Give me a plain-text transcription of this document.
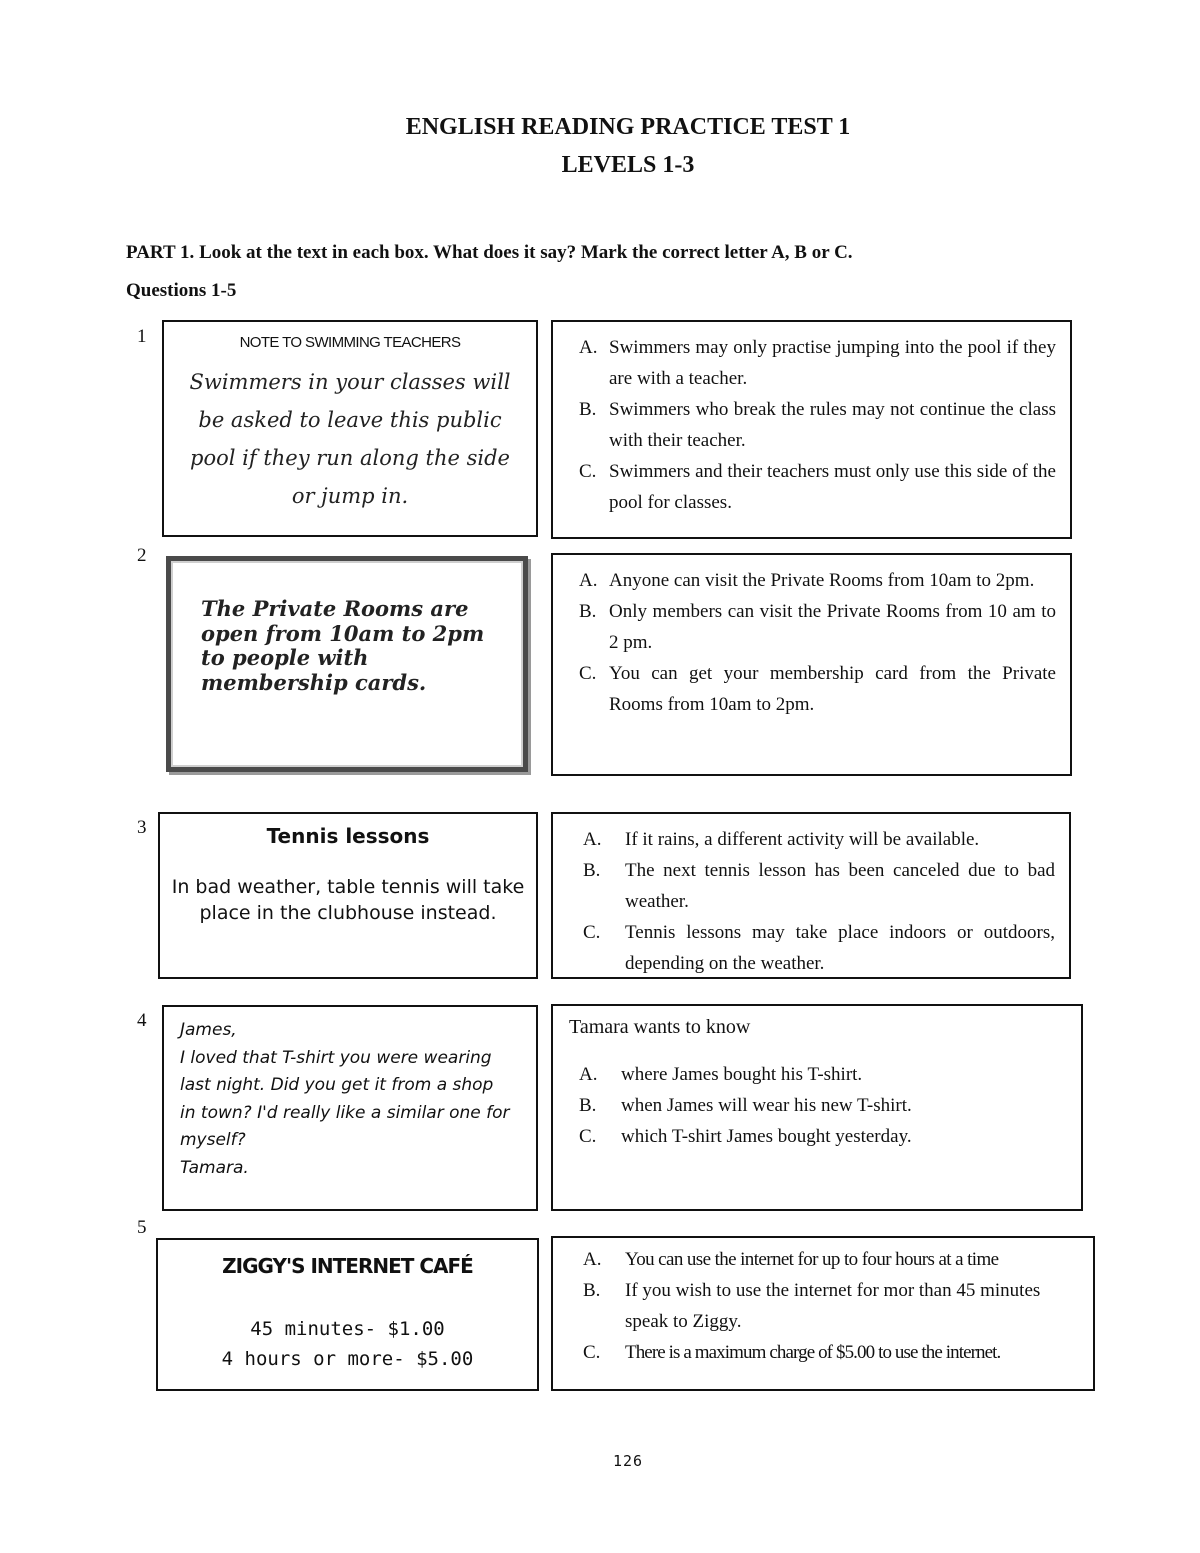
ENGLISH READING PRACTICE TEST 1
LEVELS 1-3
PART 1. Look at the text in each box. What does it say? Mark the correct letter A, B or C.
Questions 1-5
1	NOTE TO SWIMMING TEACHERS
Swimmers in your classes will be asked to leave this public pool if they run along the side or jump in.
A. Swimmers may only practise jumping into the pool if they are with a teacher.
B. Swimmers who break the rules may not continue the class with their teacher.
C. Swimmers and their teachers must only use this side of the pool for classes.
2
The Private Rooms are open from 10am to 2pm to people with membership cards.
A. Anyone can visit the Private Rooms from 10am to 2pm.
B. Only members can visit the Private Rooms from 10 am to 2 pm.
C. You can get your membership card from the Private Rooms from 10am to 2pm.
3	Tennis lessons
In bad weather, table tennis will take place in the clubhouse instead.
A.	If it rains, a different activity will be available.
B.	The next tennis lesson has been canceled due to bad weather.
C.	Tennis lessons may take place indoors or outdoors, depending on the weather.
4 James,
I loved that T-shirt you were wearing
last night. Did you get it from a shop
in town? I'd really like a similar one for
myself?
Tamara.
Tamara wants to know
A.	where James bought his T-shirt.
B.	when James will wear his new T-shirt.
C.	which T-shirt James bought yesterday.
5
ZIGGY'S INTERNET CAFÉ
45 minutes- $1.00
4 hours or more- $5.00
A.	You can use the internet for up to four hours at a time
B.	If you wish to use the internet for mor than 45 minutes speak to Ziggy.
C.	There is a maximum charge of $5.00 to use the internet.
126
